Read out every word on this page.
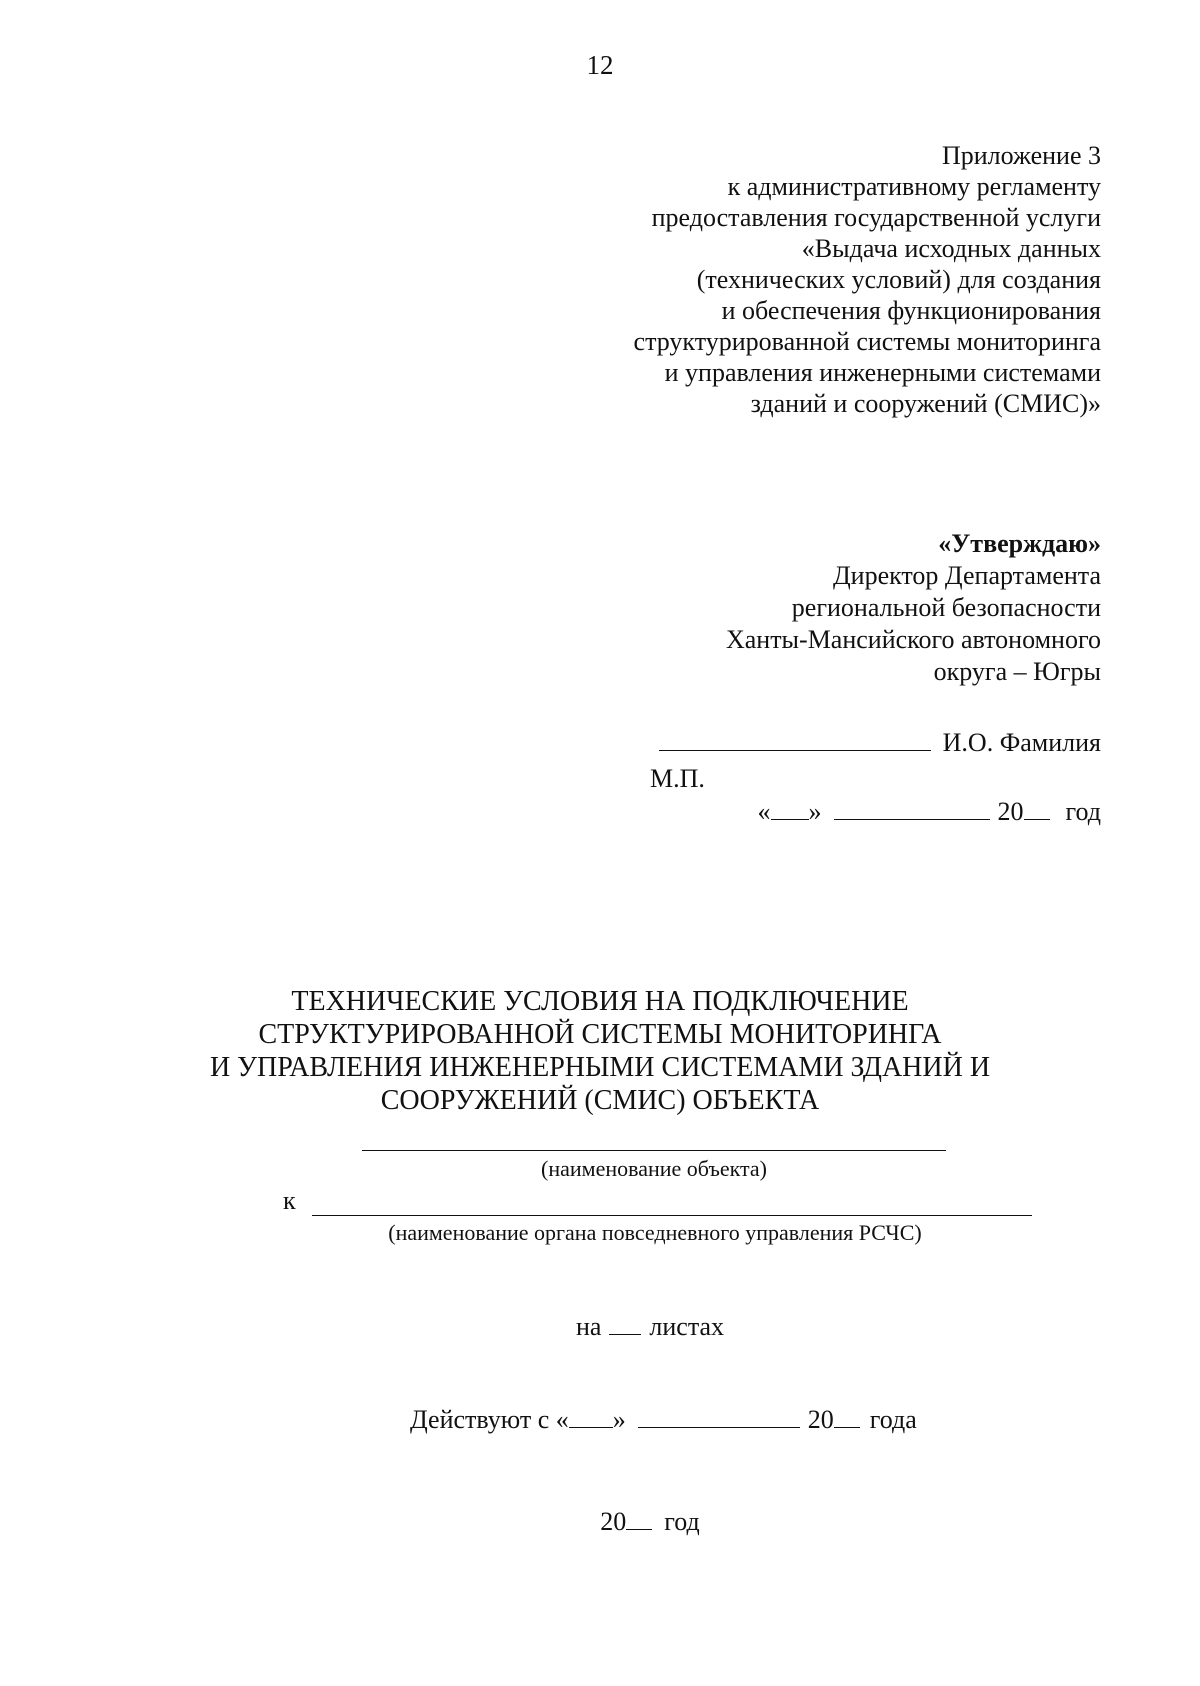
12
Приложение 3
к административному регламенту
предоставления государственной услуги
«Выдача исходных данных
(технических условий) для создания
и обеспечения функционирования
структурированной системы мониторинга
и управления инженерными системами
зданий и сооружений (СМИС)»
«Утверждаю»
Директор Департамента
региональной безопасности
Ханты-Мансийского автономного
округа – Югры
И.О. Фамилия
М.П.
« »	20 год
ТЕХНИЧЕСКИЕ УСЛОВИЯ НА ПОДКЛЮЧЕНИЕ
СТРУКТУРИРОВАННОЙ СИСТЕМЫ МОНИТОРИНГА
И УПРАВЛЕНИЯ ИНЖЕНЕРНЫМИ СИСТЕМАМИ ЗДАНИЙ И
СООРУЖЕНИЙ (СМИС) ОБЪЕКТА
(наименование объекта)
к
(наименование органа повседневного управления РСЧС)
на листах
Действуют с « »	20 года
20 год
